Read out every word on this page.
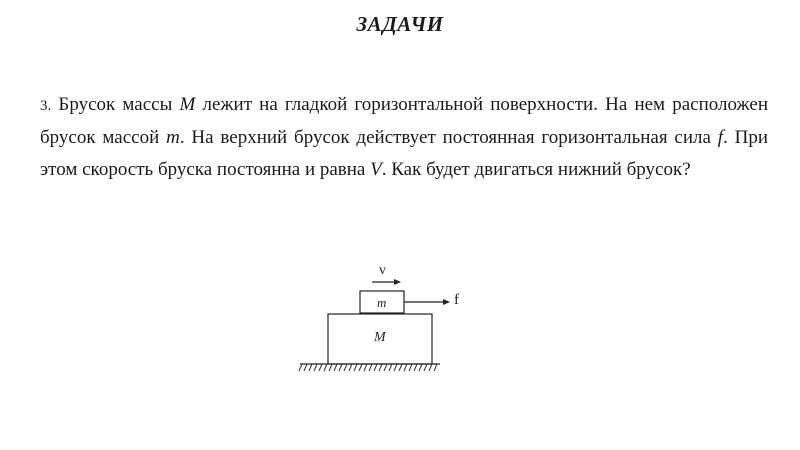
ЗАДАЧИ
3. Брусок массы M лежит на гладкой горизонтальной поверхности. На нем расположен брусок массой m. На верхний брусок действует постоянная горизонтальная сила f. При этом скорость бруска постоянна и равна V. Как будет двигаться нижний брусок?
v
m	f
M
